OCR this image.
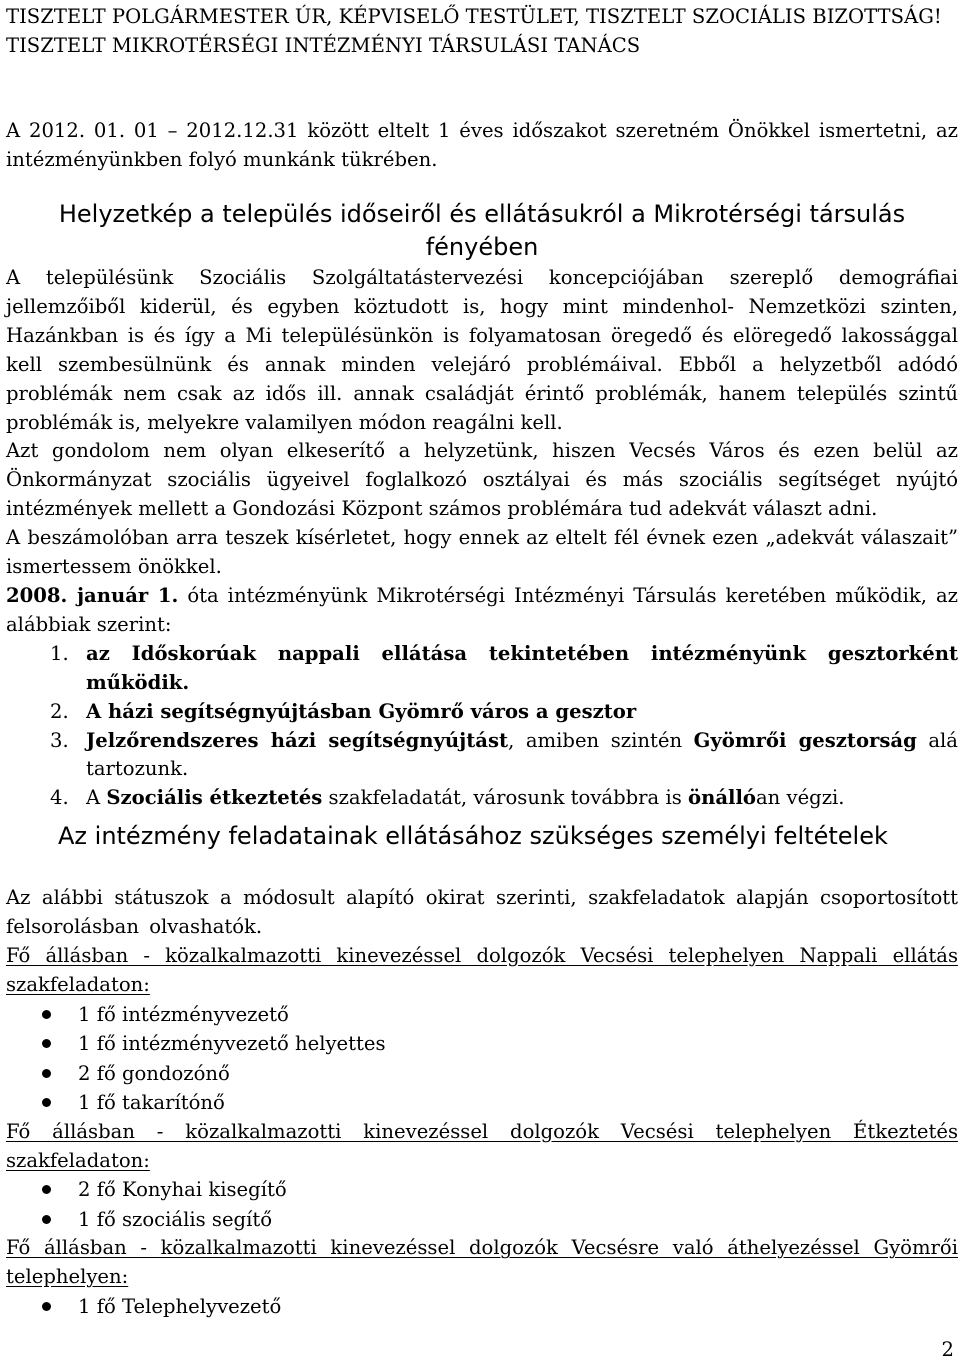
TISZTELT POLGÁRMESTER ÚR, KÉPVISELŐ TESTÜLET, TISZTELT SZOCIÁLIS BIZOTTSÁG!

TISZTELT MIKROTÉRSÉGI INTÉZMÉNYI TÁRSULÁSI TANÁCS

A 2012. 01. 01 – 2012.12.31 között eltelt 1 éves időszakot szeretném Önökkel ismertetni, az intézményünkben folyó munkánk tükrében.

Helyzetkép a település időseiről és ellátásukról a Mikrotérségi társulás fényében

A településünk Szociális Szolgáltatástervezési koncepciójában szereplő demográfiai jellemzőiből kiderül, és egyben köztudott is, hogy mint mindenhol- Nemzetközi szinten, Hazánkban is és így a Mi településünkön is folyamatosan öregedő és elöregedő lakossággal kell szembesülnünk és annak minden velejáró problémáival. Ebből a helyzetből adódó problémák nem csak az idős ill. annak családját érintő problémák, hanem település szintű problémák is, melyekre valamilyen módon reagálni kell.

Azt gondolom nem olyan elkeserítő a helyzetünk, hiszen Vecsés Város és ezen belül az Önkormányzat szociális ügyeivel foglalkozó osztályai és más szociális segítséget nyújtó intézmények mellett a Gondozási Központ számos problémára tud adekvát választ adni.

A beszámolóban arra teszek kísérletet, hogy ennek az eltelt fél évnek ezen „adekvát válaszait” ismertessem önökkel.

2008. január 1. óta intézményünk Mikrotérségi Intézményi Társulás keretében működik, az alábbiak szerint:

1. az Időskorúak nappali ellátása tekintetében intézményünk gesztorként működik.
2. A házi segítségnyújtásban Gyömrő város a gesztor
3. Jelzőrendszeres házi segítségnyújtást, amiben szintén Gyömrői gesztorság alá tartozunk.
4. A Szociális étkeztetés szakfeladatát, városunk továbbra is önállóan végzi.
Az intézmény feladatainak ellátásához szükséges személyi feltételek

Az alábbi státuszok a módosult alapító okirat szerinti, szakfeladatok alapján csoportosított felsorolásban olvashatók.

Fő állásban - közalkalmazotti kinevezéssel dolgozók Vecsési telephelyen Nappali ellátás szakfeladaton:

1 fő intézményvezető
1 fő intézményvezető helyettes
2 fő gondozónő
1 fő takarítónő

Fő állásban - közalkalmazotti kinevezéssel dolgozók Vecsési telephelyen Étkeztetés szakfeladaton:

2 fő Konyhai kisegítő
1 fő szociális segítő

Fő állásban - közalkalmazotti kinevezéssel dolgozók Vecsésre való áthelyezéssel Gyömrői telephelyen:

1 fő Telephelyvezető
2
